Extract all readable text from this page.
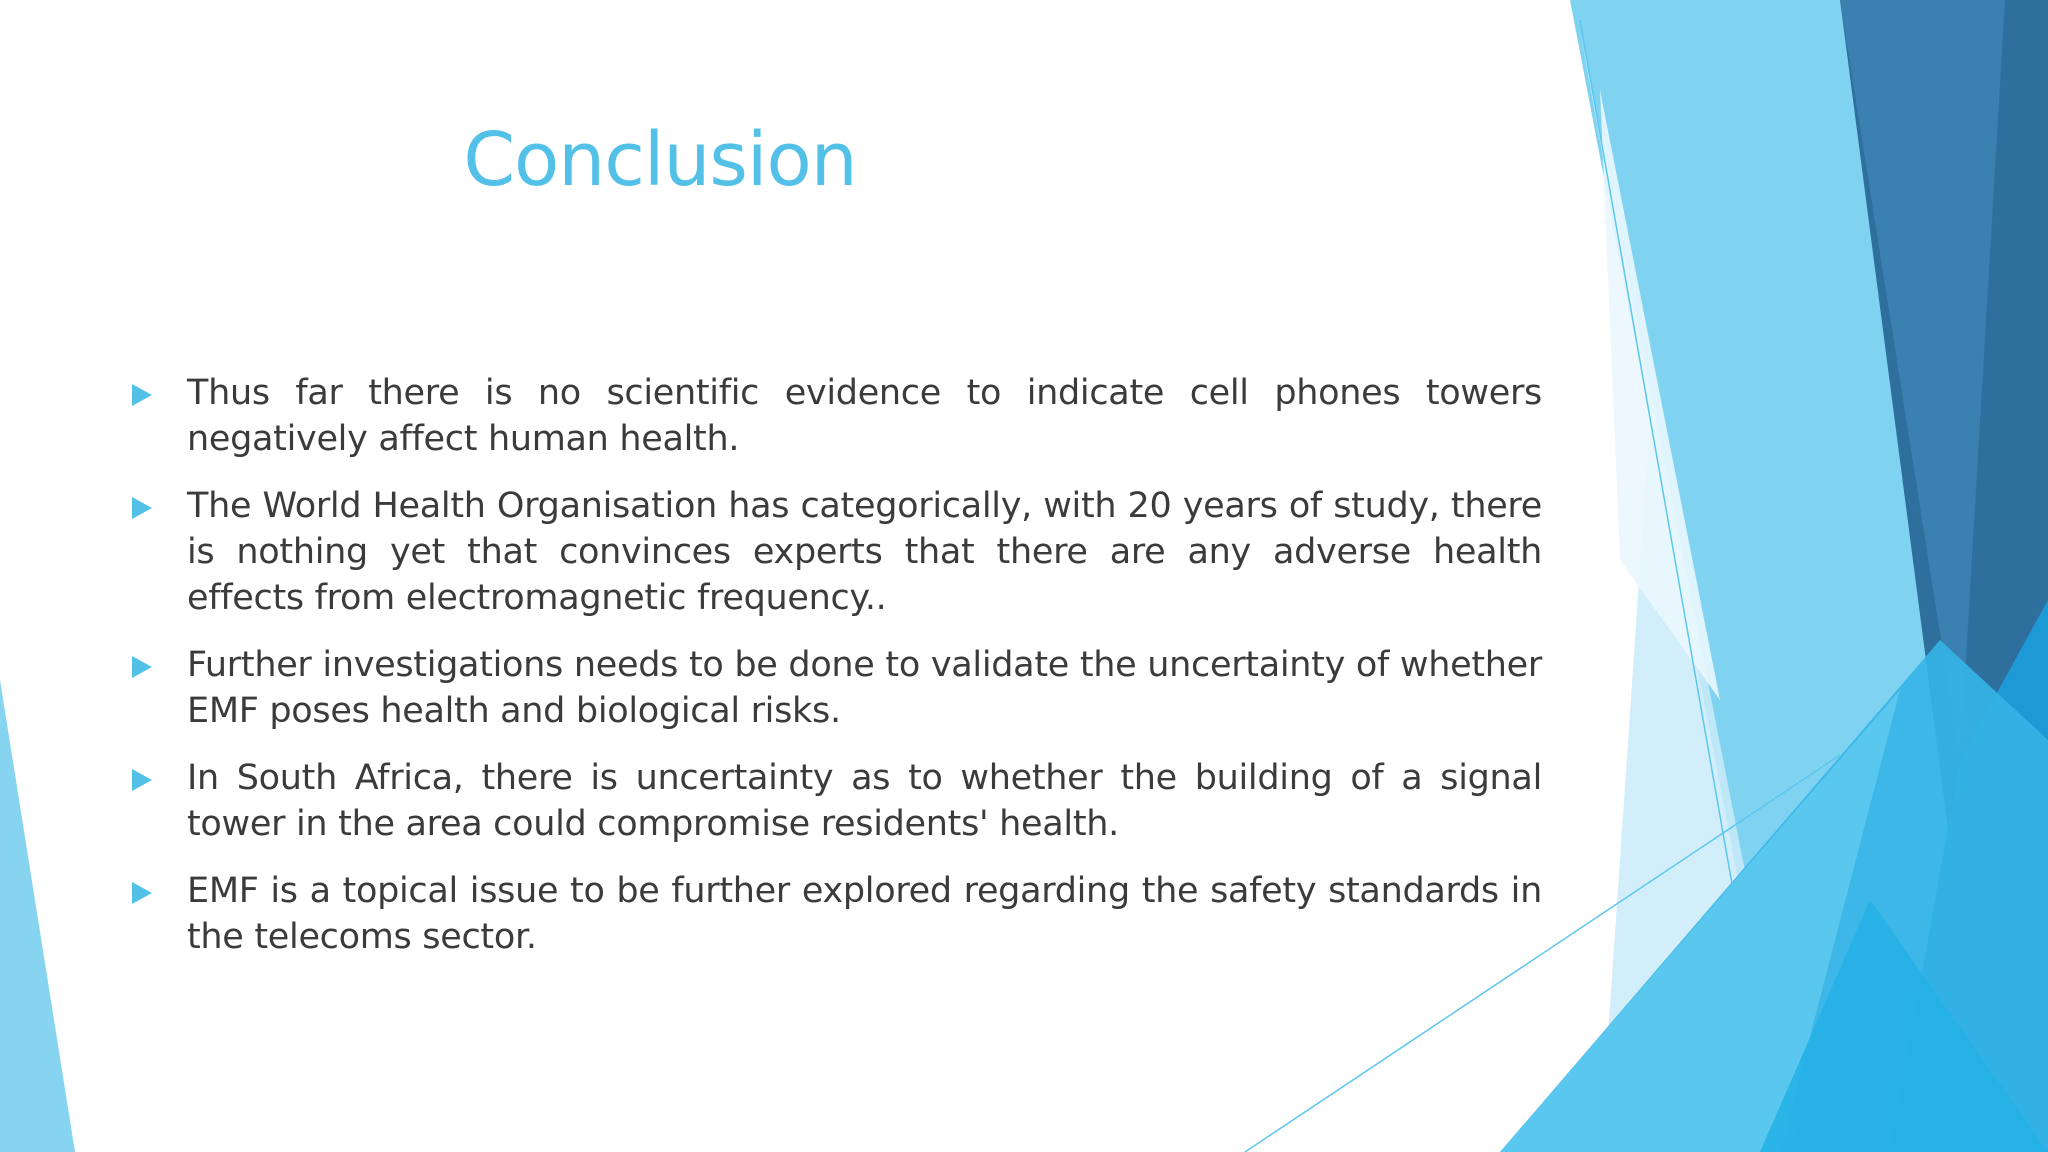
Conclusion
Thus far there is no scientific evidence to indicate cell phones towers negatively affect human health.
The World Health Organisation has categorically, with 20 years of study, there is nothing yet that convinces experts that there are any adverse health effects from electromagnetic frequency..
Further investigations needs to be done to validate the uncertainty of whether EMF poses health and biological risks.
In South Africa, there is uncertainty as to whether the building of a signal tower in the area could compromise residents' health.
EMF is a topical issue to be further explored regarding the safety standards in the telecoms sector.
